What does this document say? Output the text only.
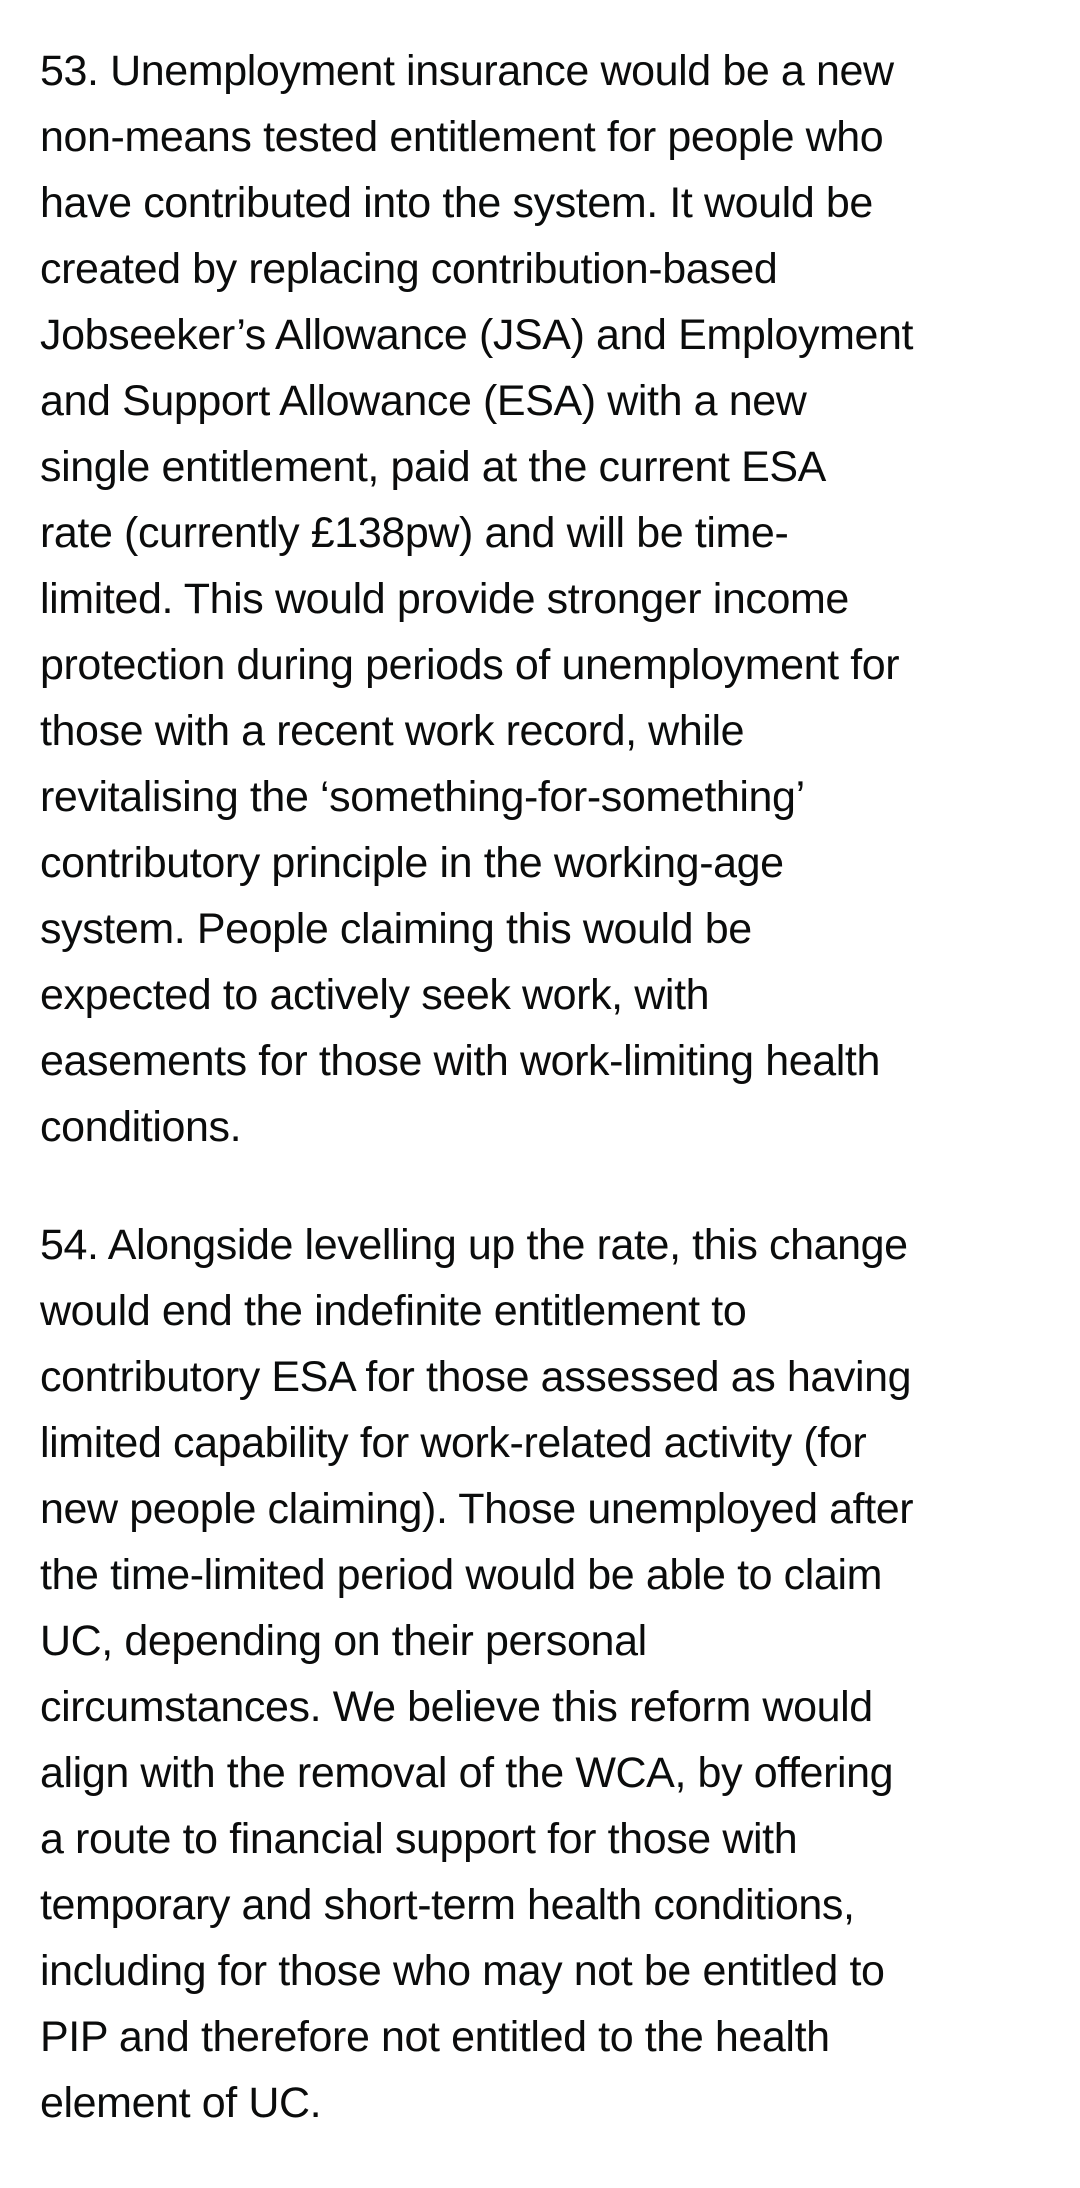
53. Unemployment insurance would be a new
non-means tested entitlement for people who
have contributed into the system. It would be
created by replacing contribution-based
Jobseeker’s Allowance (JSA) and Employment
and Support Allowance (ESA) with a new
single entitlement, paid at the current ESA
rate (currently £138pw) and will be time-
limited. This would provide stronger income
protection during periods of unemployment for
those with a recent work record, while
revitalising the ‘something-for-something’
contributory principle in the working-age
system. People claiming this would be
expected to actively seek work, with
easements for those with work-limiting health
conditions.

54. Alongside levelling up the rate, this change
would end the indefinite entitlement to
contributory ESA for those assessed as having
limited capability for work-related activity (for
new people claiming). Those unemployed after
the time-limited period would be able to claim
UC, depending on their personal
circumstances. We believe this reform would
align with the removal of the WCA, by offering
a route to financial support for those with
temporary and short-term health conditions,
including for those who may not be entitled to
PIP and therefore not entitled to the health
element of UC.
